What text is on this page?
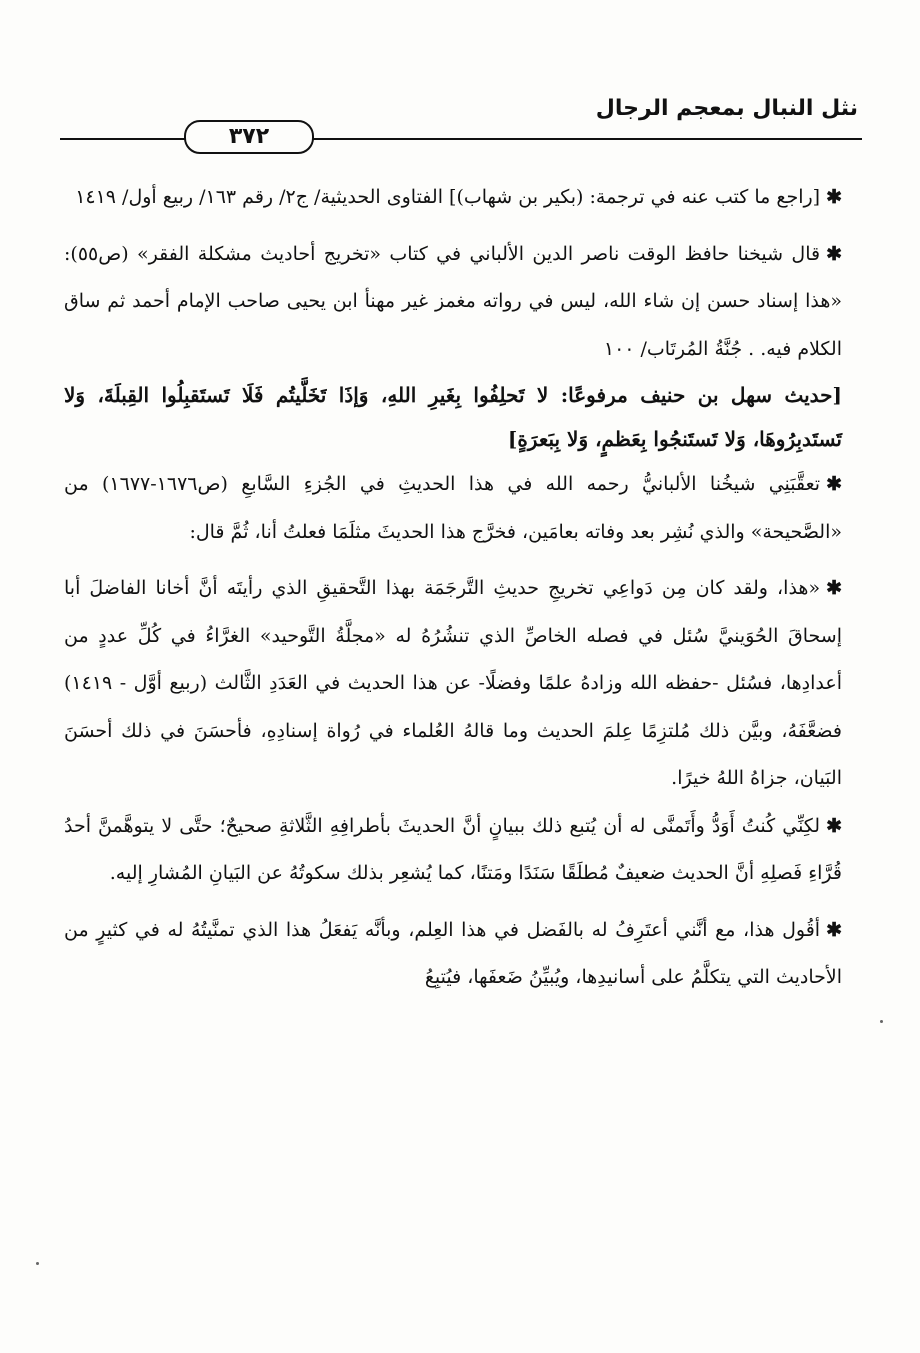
نثل النبال بمعجم الرجال
٣٧٢

✱[راجع ما كتب عنه في ترجمة: (بكير بن شهاب)] الفتاوى الحديثية/ ج٢/ رقم ١٦٣/ ربيع أول/ ١٤١٩

✱قال شيخنا حافظ الوقت ناصر الدين الألباني في كتاب «تخريج أحاديث مشكلة الفقر» (ص٥٥): «هذا إسناد حسن إن شاء الله، ليس في رواته مغمز غير مهنأ ابن يحيى صاحب الإمام أحمد ثم ساق الكلام فيه. . جُنَّةُ المُرتَاب/ ١٠٠

[حديث سهل بن حنيف مرفوعًا: لا تَحلِفُوا بِغَيرِ اللهِ، وَإذَا تَخَلَّيتُم فَلَا تَستَقبِلُوا القِبلَةَ، وَلا تَستَدبِرُوهَا، وَلا تَستَنجُوا بِعَظمٍ، وَلا بِبَعرَةٍ]

✱تعقَّبَنِي شيخُنا الألبانيُّ رحمه الله في هذا الحديثِ في الجُزءِ السَّابعِ (ص١٦٧٦-١٦٧٧) من «الصَّحيحة» والذي نُشِر بعد وفاته بعامَين، فخرَّج هذا الحديثَ مثلَمَا فعلتُ أنا، ثُمَّ قال:

✱«هذا، ولقد كان مِن دَواعِي تخريجِ حديثِ التَّرجَمَة بهذا التَّحقيقِ الذي رأيتَه أنَّ أخانا الفاضلَ أبا إسحاقَ الحُوَينيَّ سُئل في فصله الخاصِّ الذي تنشُرُهُ له «مجلَّةُ التَّوحيد» الغرَّاءُ في كُلِّ عددٍ من أعدادِها، فسُئل -حفظه الله وزادهُ علمًا وفضلًا- عن هذا الحديث في العَدَدِ الثَّالث (ربيع أوَّل - ١٤١٩) فضعَّفَهُ، وبيَّن ذلك مُلتزِمًا عِلمَ الحديث وما قالهُ العُلماء في رُواة إسنادِهِ، فأحسَنَ في ذلك أحسَنَ البَيان، جزاهُ اللهُ خيرًا.

✱لكِنِّي كُنتُ أَوَدُّ وأَتَمنَّى له أن يُتبع ذلك ببيانٍ أنَّ الحديثَ بأطرافِهِ الثَّلاثةِ صحيحٌ؛ حتَّى لا يتوهَّمنَّ أحدُ قُرَّاءِ فَصلِهِ أنَّ الحديث ضعيفٌ مُطلَقًا سَنَدًا ومَتنًا، كما يُشعِر بذلك سكوتُهُ عن البَيانِ المُشارِ إليه.

✱أقُول هذا، مع أنَّني أعتَرِفُ له بالفَضل في هذا العِلم، وبأنَّه يَفعَلُ هذا الذي تمنَّيتُهُ له في كثيرٍ من الأحاديث التي يتكلَّمُ على أسانيدِها، ويُبيِّنُ ضَعفَها، فيُتبِعُ
